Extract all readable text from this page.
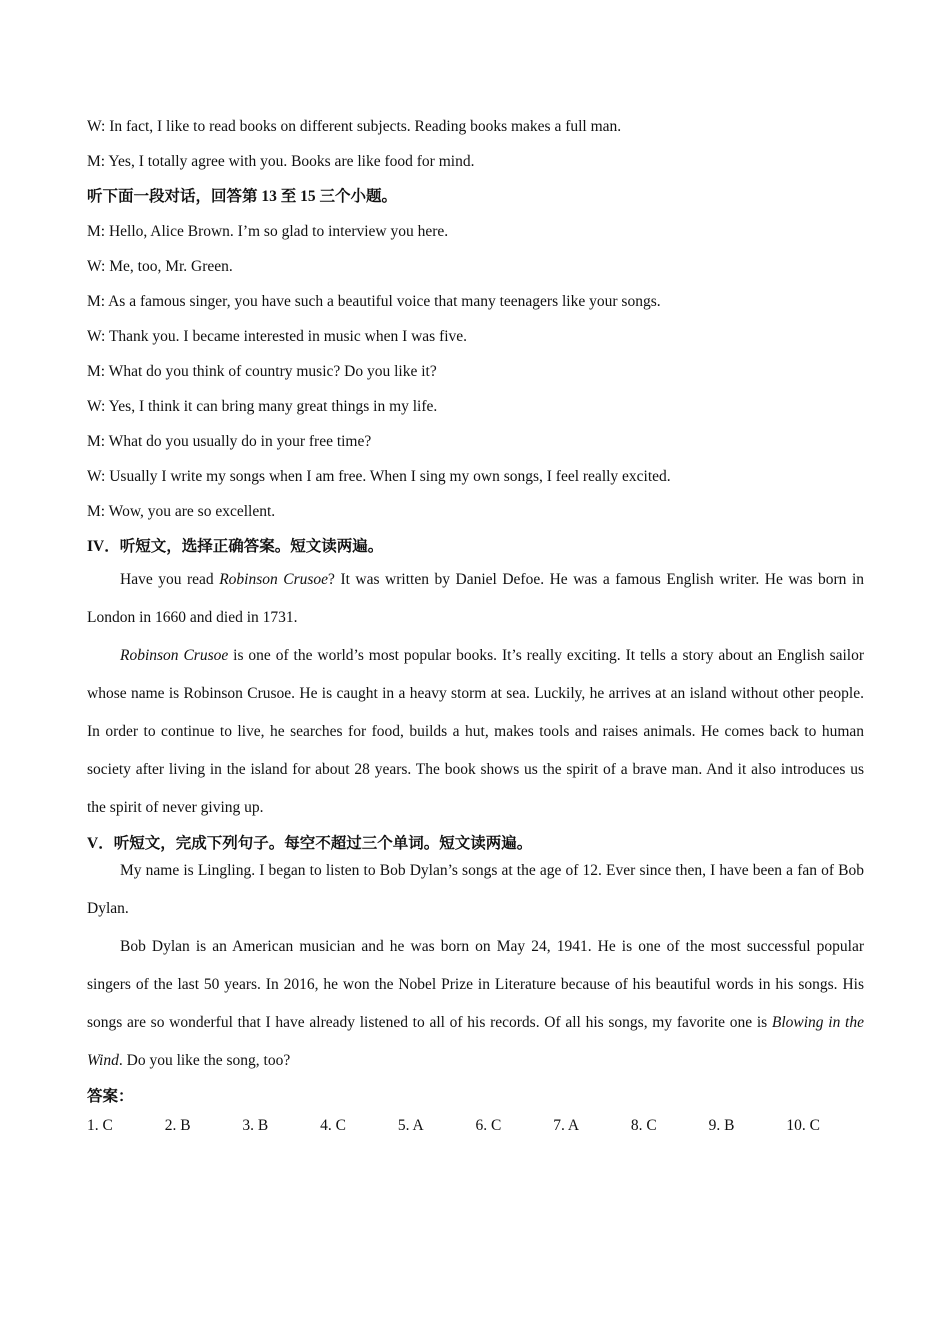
W: In fact, I like to read books on different subjects. Reading books makes a full man.
M: Yes, I totally agree with you. Books are like food for mind.
听下面一段对话，回答第 13 至 15 三个小题。
M: Hello, Alice Brown. I’m so glad to interview you here.
W: Me, too, Mr. Green.
M: As a famous singer, you have such a beautiful voice that many teenagers like your songs.
W: Thank you. I became interested in music when I was five.
M: What do you think of country music? Do you like it?
W: Yes, I think it can bring many great things in my life.
M: What do you usually do in your free time?
W: Usually I write my songs when I am free. When I sing my own songs, I feel really excited.
M: Wow, you are so excellent.
IV．听短文，选择正确答案。短文读两遍。

Have you read Robinson Crusoe? It was written by Daniel Defoe. He was a famous English writer. He was born in London in 1660 and died in 1731.

Robinson Crusoe is one of the world’s most popular books. It’s really exciting. It tells a story about an English sailor whose name is Robinson Crusoe. He is caught in a heavy storm at sea. Luckily, he arrives at an island without other people. In order to continue to live, he searches for food, builds a hut, makes tools and raises animals. He comes back to human society after living in the island for about 28 years. The book shows us the spirit of a brave man. And it also introduces us the spirit of never giving up.

V．听短文，完成下列句子。每空不超过三个单词。短文读两遍。

My name is Lingling. I began to listen to Bob Dylan’s songs at the age of 12. Ever since then, I have been a fan of Bob Dylan.

Bob Dylan is an American musician and he was born on May 24, 1941. He is one of the most successful popular singers of the last 50 years. In 2016, he won the Nobel Prize in Literature because of his beautiful words in his songs. His songs are so wonderful that I have already listened to all of his records. Of all his songs, my favorite one is Blowing in the Wind. Do you like the song, too?

答案：
1. C	2. B	3. B	4. C	5. A	6. C	7. A	8. C	9. B	10. C
